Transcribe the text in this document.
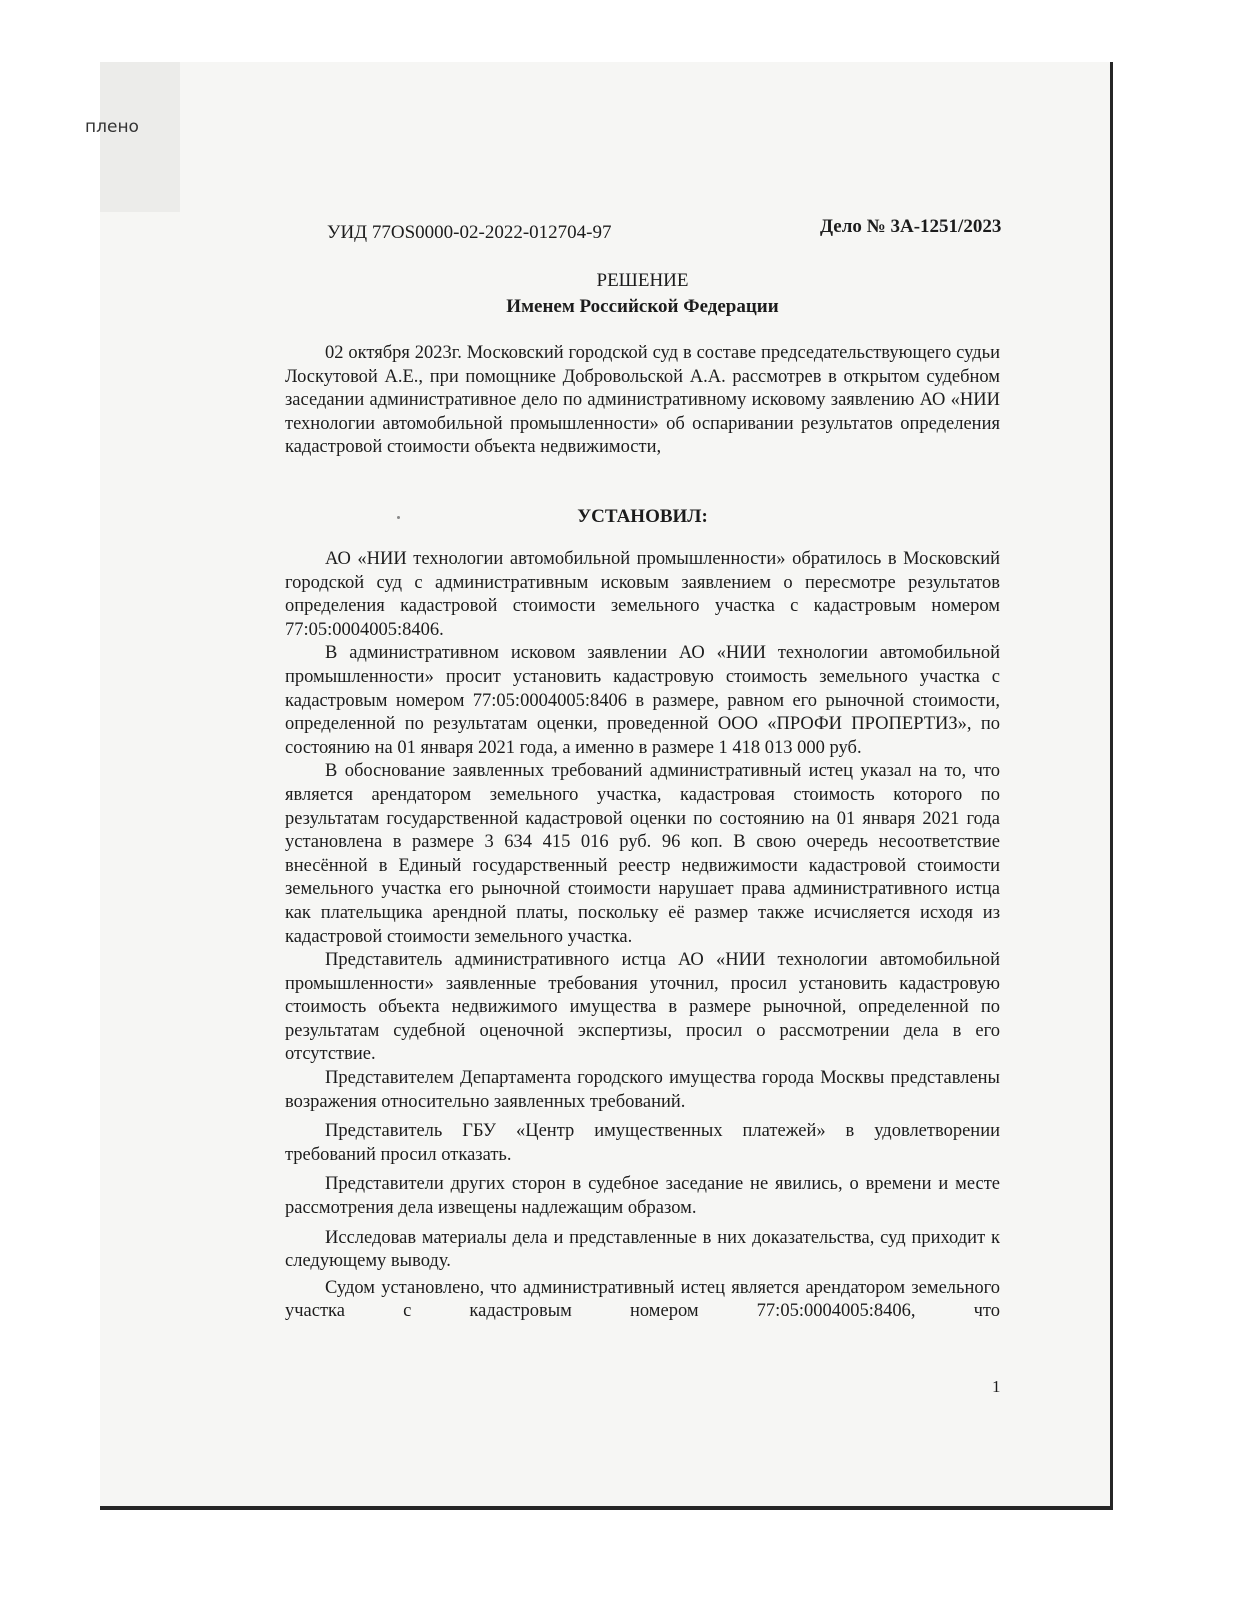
плено
УИД 77OS0000-02-2022-012704-97	Дело № 3А-1251/2023
РЕШЕНИЕ
Именем Российской Федерации

02 октября 2023г. Московский городской суд в составе председательствующего судьи Лоскутовой А.Е., при помощнике Добровольской А.А. рассмотрев в открытом судебном заседании административное дело по административному исковому заявлению АО «НИИ технологии автомобильной промышленности» об оспаривании результатов определения кадастровой стоимости объекта недвижимости,

УСТАНОВИЛ:

АО «НИИ технологии автомобильной промышленности» обратилось в Московский городской суд с административным исковым заявлением о пересмотре результатов определения кадастровой стоимости земельного участка с кадастровым номером 77:05:0004005:8406.

В административном исковом заявлении АО «НИИ технологии автомобильной промышленности» просит установить кадастровую стоимость земельного участка с кадастровым номером 77:05:0004005:8406 в размере, равном его рыночной стоимости, определенной по результатам оценки, проведенной ООО «ПРОФИ ПРОПЕРТИЗ», по состоянию на 01 января 2021 года, а именно в размере 1 418 013 000 руб.

В обоснование заявленных требований административный истец указал на то, что является арендатором земельного участка, кадастровая стоимость которого по результатам государственной кадастровой оценки по состоянию на 01 января 2021 года установлена в размере 3 634 415 016 руб. 96 коп. В свою очередь несоответствие внесённой в Единый государственный реестр недвижимости кадастровой стоимости земельного участка его рыночной стоимости нарушает права административного истца как плательщика арендной платы, поскольку её размер также исчисляется исходя из кадастровой стоимости земельного участка.

Представитель административного истца АО «НИИ технологии автомобильной промышленности» заявленные требования уточнил, просил установить кадастровую стоимость объекта недвижимого имущества в размере рыночной, определенной по результатам судебной оценочной экспертизы, просил о рассмотрении дела в его отсутствие.

Представителем Департамента городского имущества города Москвы представлены возражения относительно заявленных требований.

Представитель ГБУ «Центр имущественных платежей» в удовлетворении требований просил отказать.

Представители других сторон в судебное заседание не явились, о времени и месте рассмотрения дела извещены надлежащим образом.

Исследовав материалы дела и представленные в них доказательства, суд приходит к следующему выводу.

Судом установлено, что административный истец является арендатором земельного участка с кадастровым номером 77:05:0004005:8406, что

1
